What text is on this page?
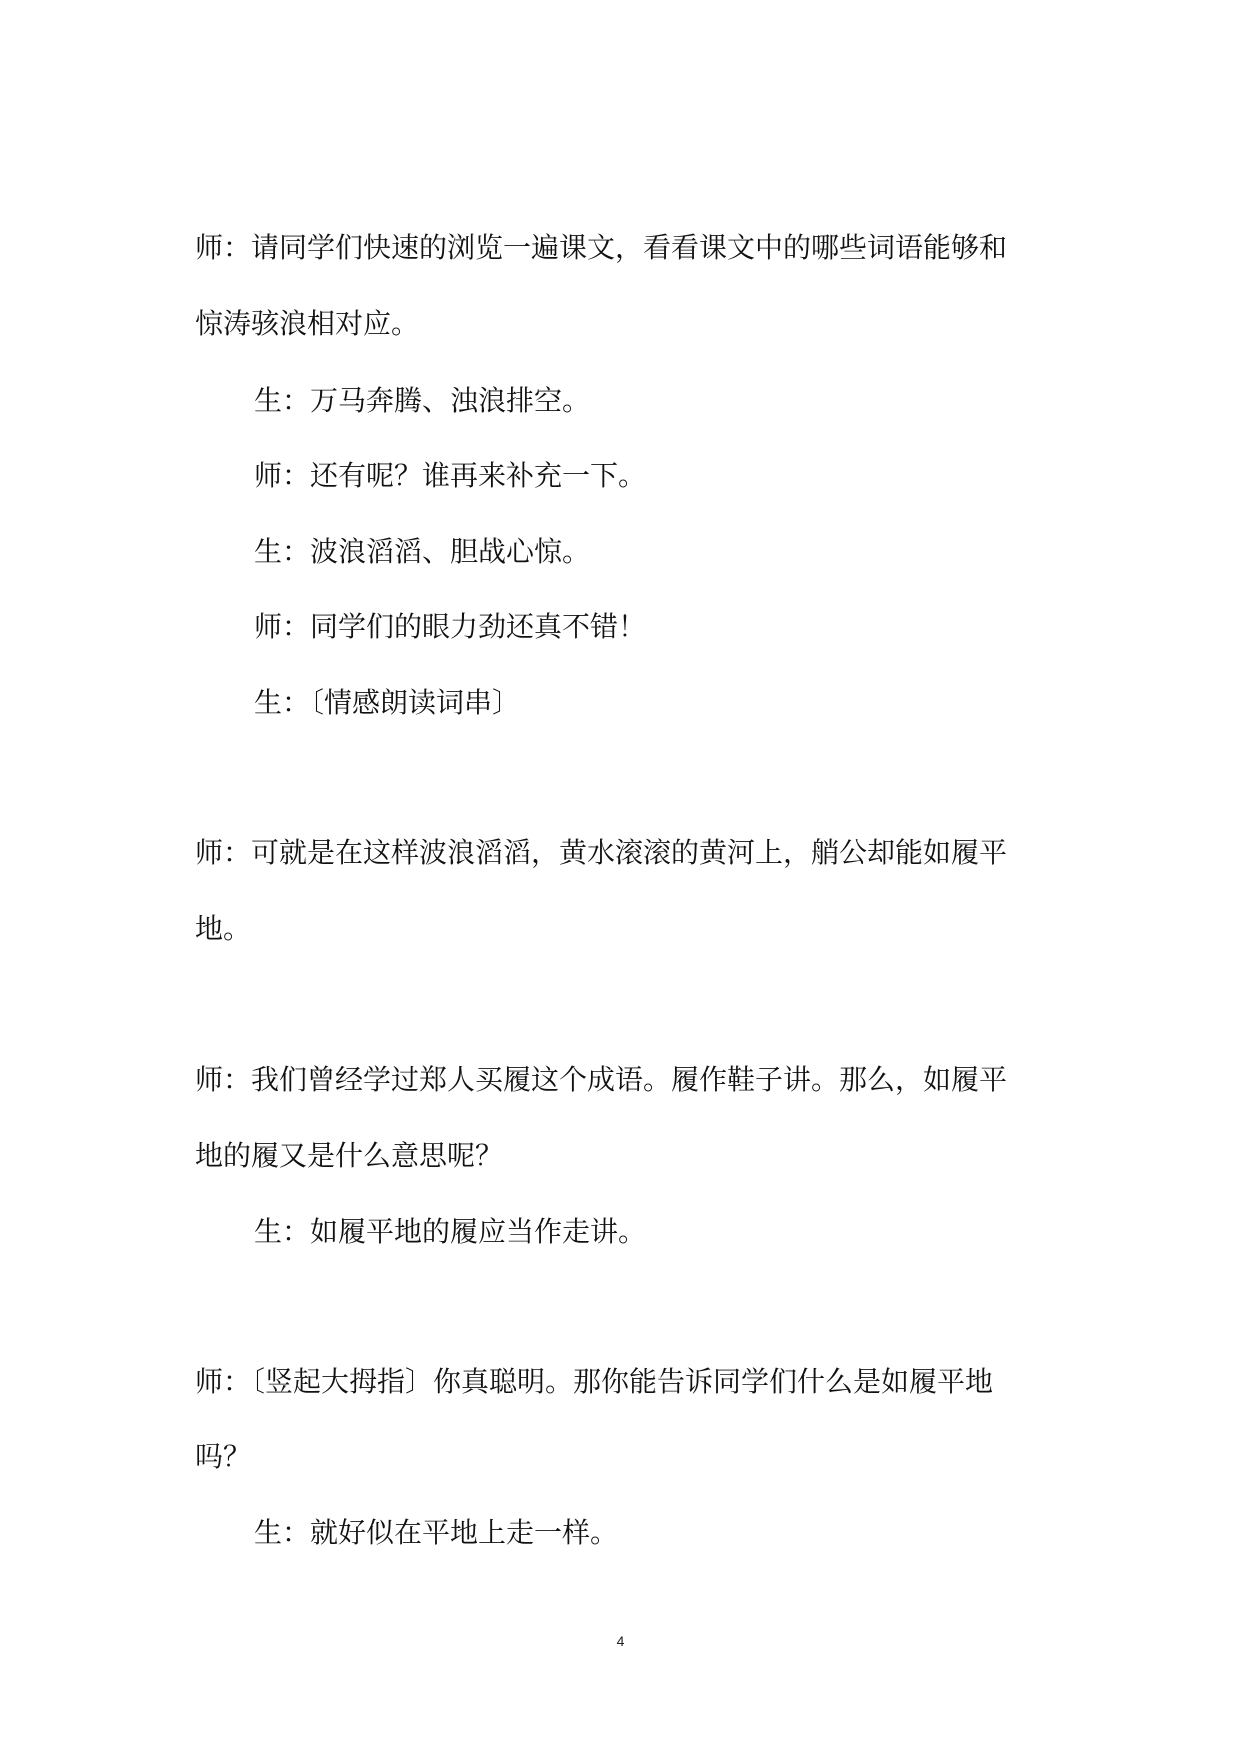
师：请同学们快速的浏览一遍课文，看看课文中的哪些词语能够和

惊涛骇浪相对应。

生：万马奔腾、浊浪排空。

师：还有呢？谁再来补充一下。

生：波浪滔滔、胆战心惊。

师：同学们的眼力劲还真不错！

生：〔情感朗读词串〕

师：可就是在这样波浪滔滔，黄水滚滚的黄河上，艄公却能如履平

地。

师：我们曾经学过郑人买履这个成语。履作鞋子讲。那么，如履平

地的履又是什么意思呢？

生：如履平地的履应当作走讲。

师：〔竖起大拇指〕你真聪明。那你能告诉同学们什么是如履平地

吗？

生：就好似在平地上走一样。

4
